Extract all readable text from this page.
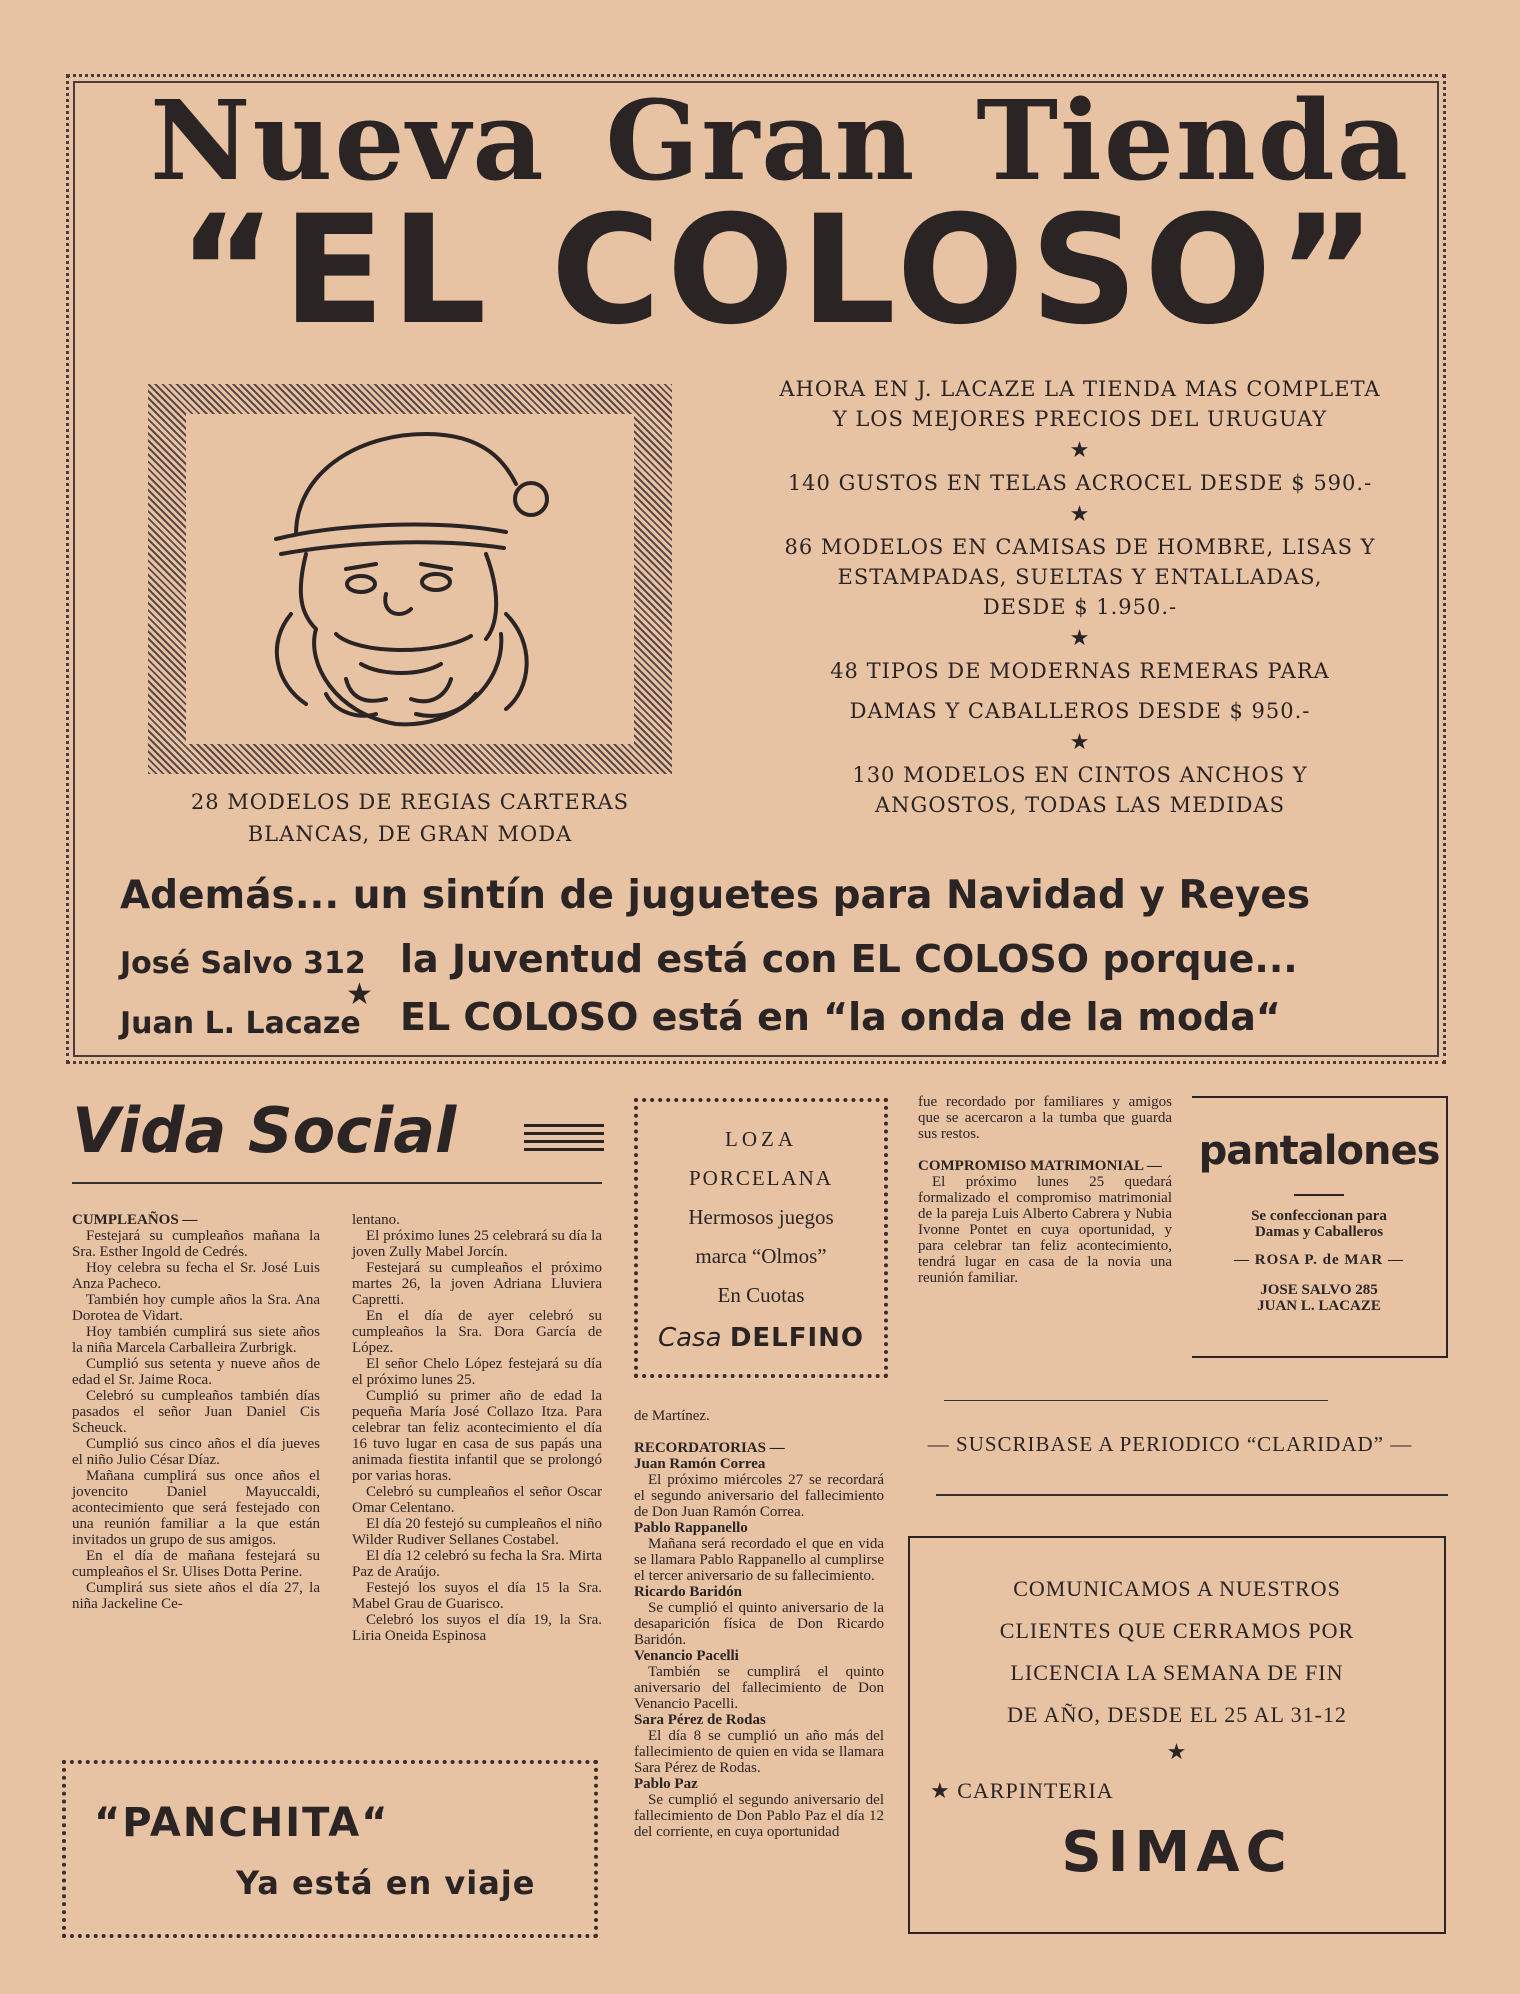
Nueva Gran Tienda
“EL COLOSO”
28 MODELOS DE REGIAS CARTERAS
BLANCAS, DE GRAN MODA
AHORA EN J. LACAZE LA TIENDA MAS COMPLETA
Y LOS MEJORES PRECIOS DEL URUGUAY
★
140 GUSTOS EN TELAS ACROCEL DESDE $ 590.-
★
86 MODELOS EN CAMISAS DE HOMBRE, LISAS Y
ESTAMPADAS, SUELTAS Y ENTALLADAS,
DESDE $ 1.950.-
★
48 TIPOS DE MODERNAS REMERAS PARA
DAMAS Y CABALLEROS DESDE $ 950.-
★
130 MODELOS EN CINTOS ANCHOS Y
ANGOSTOS, TODAS LAS MEDIDAS
Además... un sintín de juguetes para Navidad y Reyes
José Salvo 312
Juan L. Lacaze
★
la Juventud está con EL COLOSO porque...
EL COLOSO está en “la onda de la moda“
Vida Social

CUMPLEAÑOS —

Festejará su cumpleaños mañana la Sra. Esther Ingold de Cedrés.

Hoy celebra su fecha el Sr. José Luis Anza Pacheco.

También hoy cumple años la Sra. Ana Dorotea de Vidart.

Hoy también cumplirá sus siete años la niña Marcela Carballeira Zurbrigk.

Cumplió sus setenta y nueve años de edad el Sr. Jaime Roca.

Celebró su cumpleaños también días pasados el señor Juan Daniel Cis Scheuck.

Cumplió sus cinco años el día jueves el niño Julio César Díaz.

Mañana cumplirá sus once años el jovencito Daniel Mayuccaldi, acontecimiento que será festejado con una reunión familiar a la que están invitados un grupo de sus amigos.

En el día de mañana festejará su cumpleaños el Sr. Ulises Dotta Perine.

Cumplirá sus siete años el día 27, la niña Jackeline Ce-

lentano.

El próximo lunes 25 celebrará su día la joven Zully Mabel Jorcín.

Festejará su cumpleaños el próximo martes 26, la joven Adriana Lluviera Capretti.

En el día de ayer celebró su cumpleaños la Sra. Dora García de López.

El señor Chelo López festejará su día el próximo lunes 25.

Cumplió su primer año de edad la pequeña María José Collazo Itza. Para celebrar tan feliz acontecimiento el día 16 tuvo lugar en casa de sus papás una animada fiestita infantil que se prolongó por varias horas.

Celebró su cumpleaños el señor Oscar Omar Celentano.

El día 20 festejó su cumpleaños el niño Wilder Rudiver Sellanes Costabel.

El día 12 celebró su fecha la Sra. Mirta Paz de Araújo.

Festejó los suyos el día 15 la Sra. Mabel Grau de Guarisco.

Celebró los suyos el día 19, la Sra. Liria Oneida Espinosa

LOZA
PORCELANA
Hermosos juegos
marca “Olmos”
En Cuotas
Casa DELFINO

de Martínez.

RECORDATORIAS —

Juan Ramón Correa

El próximo miércoles 27 se recordará el segundo aniversario del fallecimiento de Don Juan Ramón Correa.

Pablo Rappanello

Mañana será recordado el que en vida se llamara Pablo Rappanello al cumplirse el tercer aniversario de su fallecimiento.

Ricardo Baridón

Se cumplió el quinto aniversario de la desaparición física de Don Ricardo Baridón.

Venancio Pacelli

También se cumplirá el quinto aniversario del fallecimiento de Don Venancio Pacelli.

Sara Pérez de Rodas

El día 8 se cumplió un año más del fallecimiento de quien en vida se llamara Sara Pérez de Rodas.

Pablo Paz

Se cumplió el segundo aniversario del fallecimiento de Don Pablo Paz el día 12 del corriente, en cuya oportunidad

fue recordado por familiares y amigos que se acercaron a la tumba que guarda sus restos.

COMPROMISO MATRIMONIAL —

El próximo lunes 25 quedará formalizado el compromiso matrimonial de la pareja Luis Alberto Cabrera y Nubia Ivonne Pontet en cuya oportunidad, y para celebrar tan feliz acontecimiento, tendrá lugar en casa de la novia una reunión familiar.

pantalones
Se confeccionan para
Damas y Caballeros
— ROSA P. de MAR —
JOSE SALVO 285
JUAN L. LACAZE
— SUSCRIBASE A PERIODICO “CLARIDAD” —
COMUNICAMOS A NUESTROS
CLIENTES QUE CERRAMOS POR
LICENCIA LA SEMANA DE FIN
DE AÑO, DESDE EL 25 AL 31-12
★
★ CARPINTERIA
SIMAC
“PANCHITA“
Ya está en viaje
